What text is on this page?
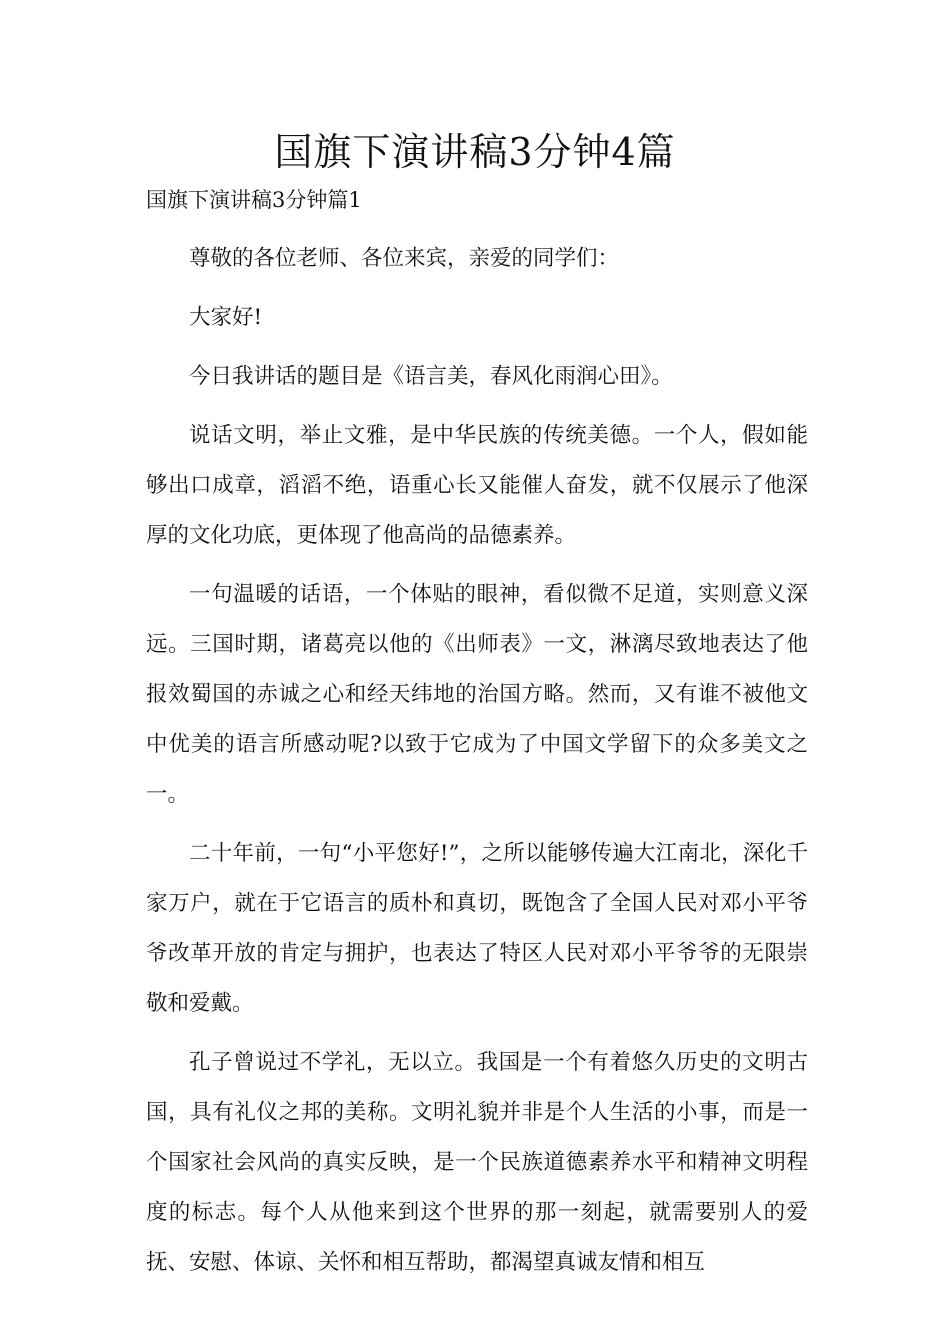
国旗下演讲稿3分钟4篇

国旗下演讲稿3分钟篇1

尊敬的各位老师、各位来宾，亲爱的同学们：

大家好!

今日我讲话的题目是《语言美，春风化雨润心田》。

说话文明，举止文雅，是中华民族的传统美德。一个人，假如能够出口成章，滔滔不绝，语重心长又能催人奋发，就不仅展示了他深厚的文化功底，更体现了他高尚的品德素养。

一句温暖的话语，一个体贴的眼神，看似微不足道，实则意义深远。三国时期，诸葛亮以他的《出师表》一文，淋漓尽致地表达了他报效蜀国的赤诚之心和经天纬地的治国方略。然而，又有谁不被他文中优美的语言所感动呢?以致于它成为了中国文学留下的众多美文之一。

二十年前，一句“小平您好!”，之所以能够传遍大江南北，深化千家万户，就在于它语言的质朴和真切，既饱含了全国人民对邓小平爷爷改革开放的肯定与拥护，也表达了特区人民对邓小平爷爷的无限崇敬和爱戴。

孔子曾说过不学礼，无以立。我国是一个有着悠久历史的文明古国，具有礼仪之邦的美称。文明礼貌并非是个人生活的小事，而是一个国家社会风尚的真实反映，是一个民族道德素养水平和精神文明程度的标志。每个人从他来到这个世界的那一刻起，就需要别人的爱抚、安慰、体谅、关怀和相互帮助，都渴望真诚友情和相互
